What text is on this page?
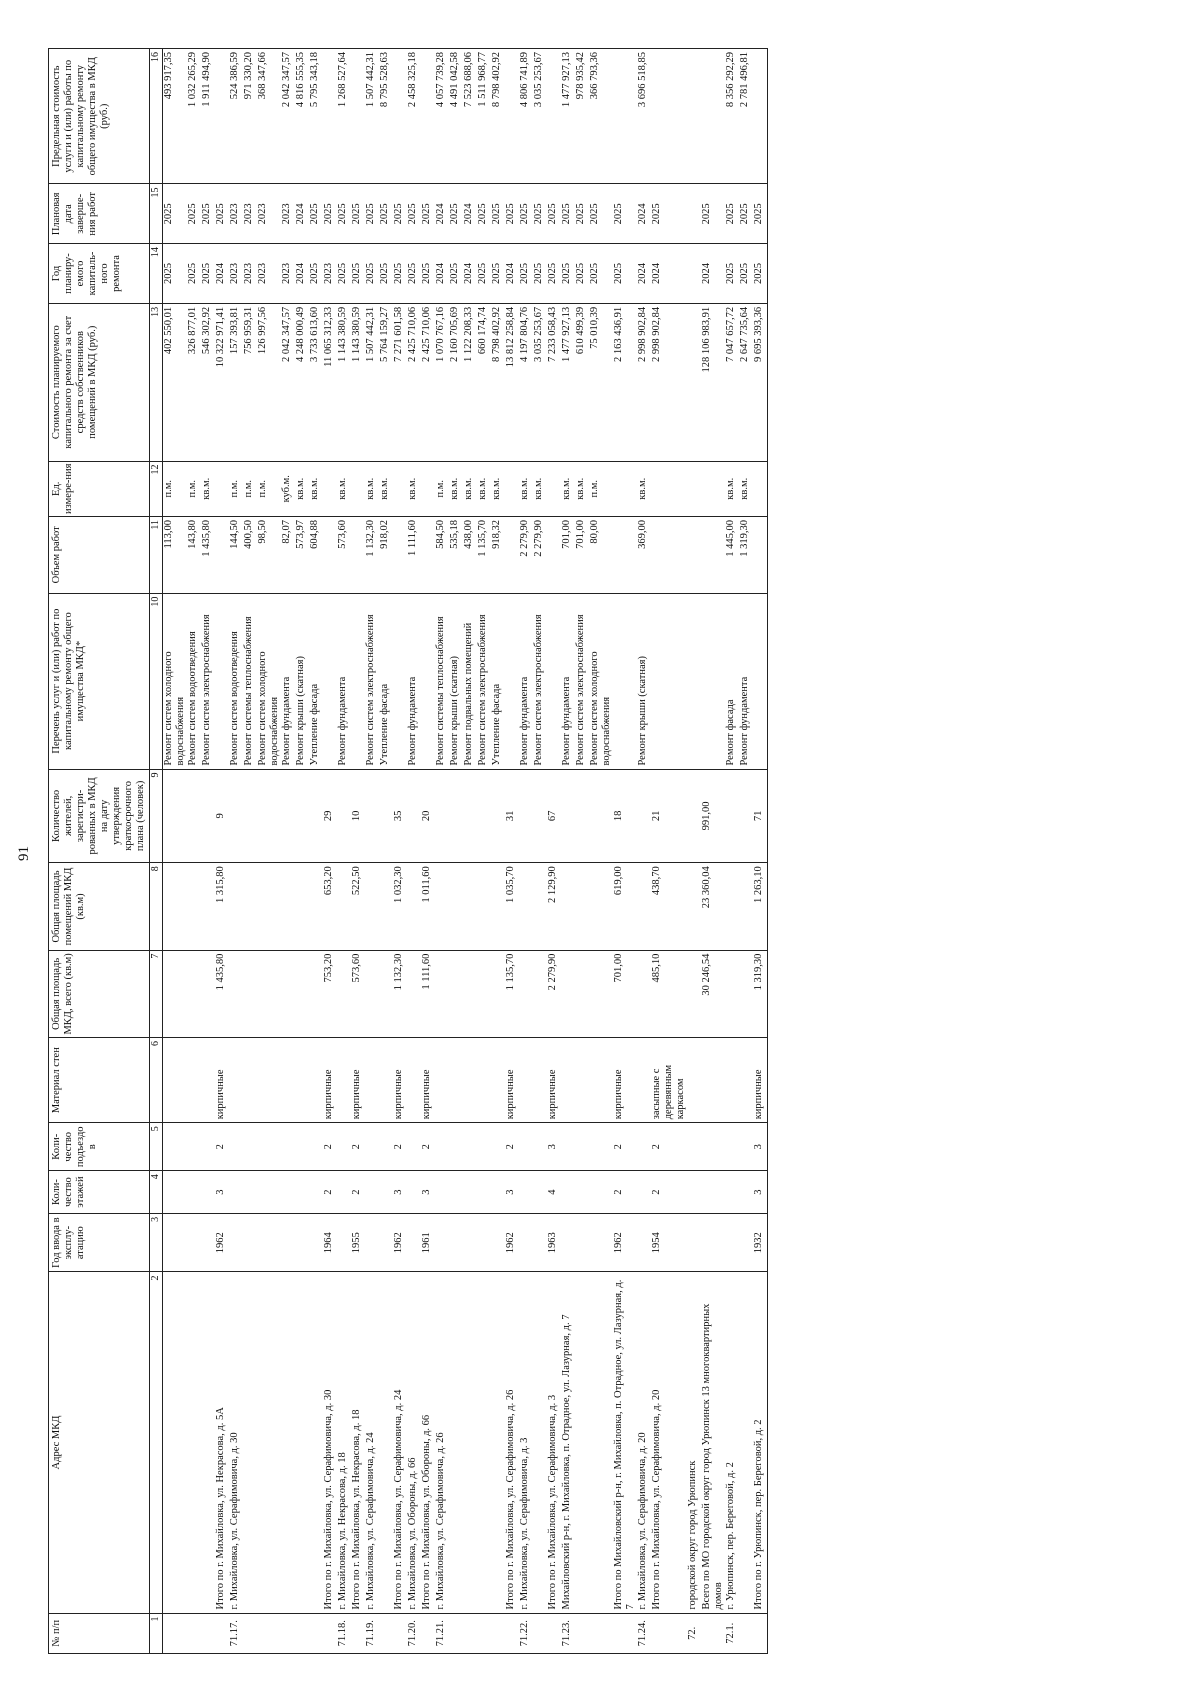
91
№ п/п	Адрес МКД	Год ввода в эксплу-атацию	Коли-чество этажей	Коли-чество подъездо в	Материал стен	Общая площадь МКД, всего (кв.м)	Общая площадь помещений МКД (кв.м)	Количество жителей, зарегистри-рованных в МКД на дату утверждения краткосрочного плана (человек)	Перечень услуг и (или) работ по капитальному ремонту общего имущества МКД*	Объем работ	Ед. измере-ния	Стоимость планируемого капитального ремонта за счет средств собственников помещений в МКД (руб.)	Год планиру-емого капиталь-ного ремонта	Плановая дата заверше-ния работ	Предельная стоимость услуги и (или) работы по капитальному ремонту общего имущества в МКД (руб.)
1	2	3	4	5	6	7	8	9	10	11	12	13	14	15	16
									Ремонт систем холодного водоснабжения	113,00	п.м.	402 550,01	2025	2025	493 917,35
									Ремонт систем водоотведения	143,80	п.м.	326 877,01	2025	2025	1 032 265,29
									Ремонт систем электроснабжения	1 435,80	кв.м.	546 302,92	2025	2025	1 911 494,90
	Итого по г. Михайловка, ул. Некрасова, д. 5А	1962	3	2	кирпичные	1 435,80	1 315,80	9				10 322 971,41	2024	2025	
71.17.	г. Михайловка, ул. Серафимовича, д. 30								Ремонт систем водоотведения	144,50	п.м.	157 393,81	2023	2023	524 386,59
									Ремонт системы теплоснабжения	400,50	п.м.	756 959,31	2023	2023	971 330,20
									Ремонт систем холодного водоснабжения	98,50	п.м.	126 997,56	2023	2023	368 347,66
									Ремонт фундамента	82,07	куб.м.	2 042 347,57	2023	2023	2 042 347,57
									Ремонт крыши (скатная)	573,97	кв.м.	4 248 000,49	2024	2024	4 816 555,35
									Утепление фасада	604,88	кв.м.	3 733 613,60	2025	2025	5 795 343,18
	Итого по г. Михайловка, ул. Серафимовича, д. 30	1964	2	2	кирпичные	753,20	653,20	29				11 065 312,33	2023	2025	
71.18.	г. Михайловка, ул. Некрасова, д. 18								Ремонт фундамента	573,60	кв.м.	1 143 380,59	2025	2025	1 268 527,64
	Итого по г. Михайловка, ул. Некрасова, д. 18	1955	2	2	кирпичные	573,60	522,50	10				1 143 380,59	2025	2025	
71.19.	г. Михайловка, ул. Серафимовича, д. 24								Ремонт систем электроснабжения	1 132,30	кв.м.	1 507 442,31	2025	2025	1 507 442,31
									Утепление фасада	918,02	кв.м.	5 764 159,27	2025	2025	8 795 528,63
	Итого по г. Михайловка, ул. Серафимовича, д. 24	1962	3	2	кирпичные	1 132,30	1 032,30	35				7 271 601,58	2025	2025	
71.20.	г. Михайловка, ул. Обороны, д. 66								Ремонт фундамента	1 111,60	кв.м.	2 425 710,06	2025	2025	2 458 325,18
	Итого по г. Михайловка, ул. Обороны, д. 66	1961	3	2	кирпичные	1 111,60	1 011,60	20				2 425 710,06	2025	2025	
71.21.	г. Михайловка, ул. Серафимовича, д. 26								Ремонт системы теплоснабжения	584,50	п.м.	1 070 767,16	2024	2024	4 057 739,28
									Ремонт крыши (скатная)	535,18	кв.м.	2 160 705,69	2025	2025	4 491 042,58
									Ремонт подвальных помещений	438,00	кв.м.	1 122 208,33	2024	2024	7 523 688,06
									Ремонт систем электроснабжения	1 135,70	кв.м.	660 174,74	2025	2025	1 511 968,77
									Утепление фасада	918,32	кв.м.	8 798 402,92	2025	2025	8 798 402,92
	Итого по г. Михайловка, ул. Серафимовича, д. 26	1962	3	2	кирпичные	1 135,70	1 035,70	31				13 812 258,84	2024	2025	
71.22.	г. Михайловка, ул. Серафимовича, д. 3								Ремонт фундамента	2 279,90	кв.м.	4 197 804,76	2025	2025	4 806 741,89
									Ремонт систем электроснабжения	2 279,90	кв.м.	3 035 253,67	2025	2025	3 035 253,67
	Итого по г. Михайловка, ул. Серафимовича, д. 3	1963	4	3	кирпичные	2 279,90	2 129,90	67				7 233 058,43	2025	2025	
71.23.	Михайловский р-н, г. Михайловка, п. Отрадное, ул. Лазурная, д. 7								Ремонт фундамента	701,00	кв.м.	1 477 927,13	2025	2025	1 477 927,13
									Ремонт систем электроснабжения	701,00	кв.м.	610 499,39	2025	2025	978 935,42
									Ремонт систем холодного водоснабжения	80,00	п.м.	75 010,39	2025	2025	366 793,36
	Итого по Михайловский р-н, г. Михайловка, п. Отрадное, ул. Лазурная, д. 7	1962	2	2	кирпичные	701,00	619,00	18				2 163 436,91	2025	2025	
71.24.	г. Михайловка, ул. Серафимовича, д. 20								Ремонт крыши (скатная)	369,00	кв.м.	2 998 902,84	2024	2024	3 696 518,85
	Итого по г. Михайловка, ул. Серафимовича, д. 20	1954	2	2	засыпные с деревянным каркасом	485,10	438,70	21				2 998 902,84	2024	2025	
72.	городской округ город Урюпинск														
	Всего по МО городской округ город Урюпинск 13 многоквартирных домов					30 246,54	23 360,04	991,00				128 106 983,91	2024	2025	
72.1.	г. Урюпинск, пер. Береговой, д. 2								Ремонт фасада	1 445,00	кв.м.	7 047 657,72	2025	2025	8 356 292,29
									Ремонт фундамента	1 319,30	кв.м.	2 647 735,64	2025	2025	2 781 496,81
	Итого по г. Урюпинск, пер. Береговой, д. 2	1932	3	3	кирпичные	1 319,30	1 263,10	71				9 695 393,36	2025	2025	
